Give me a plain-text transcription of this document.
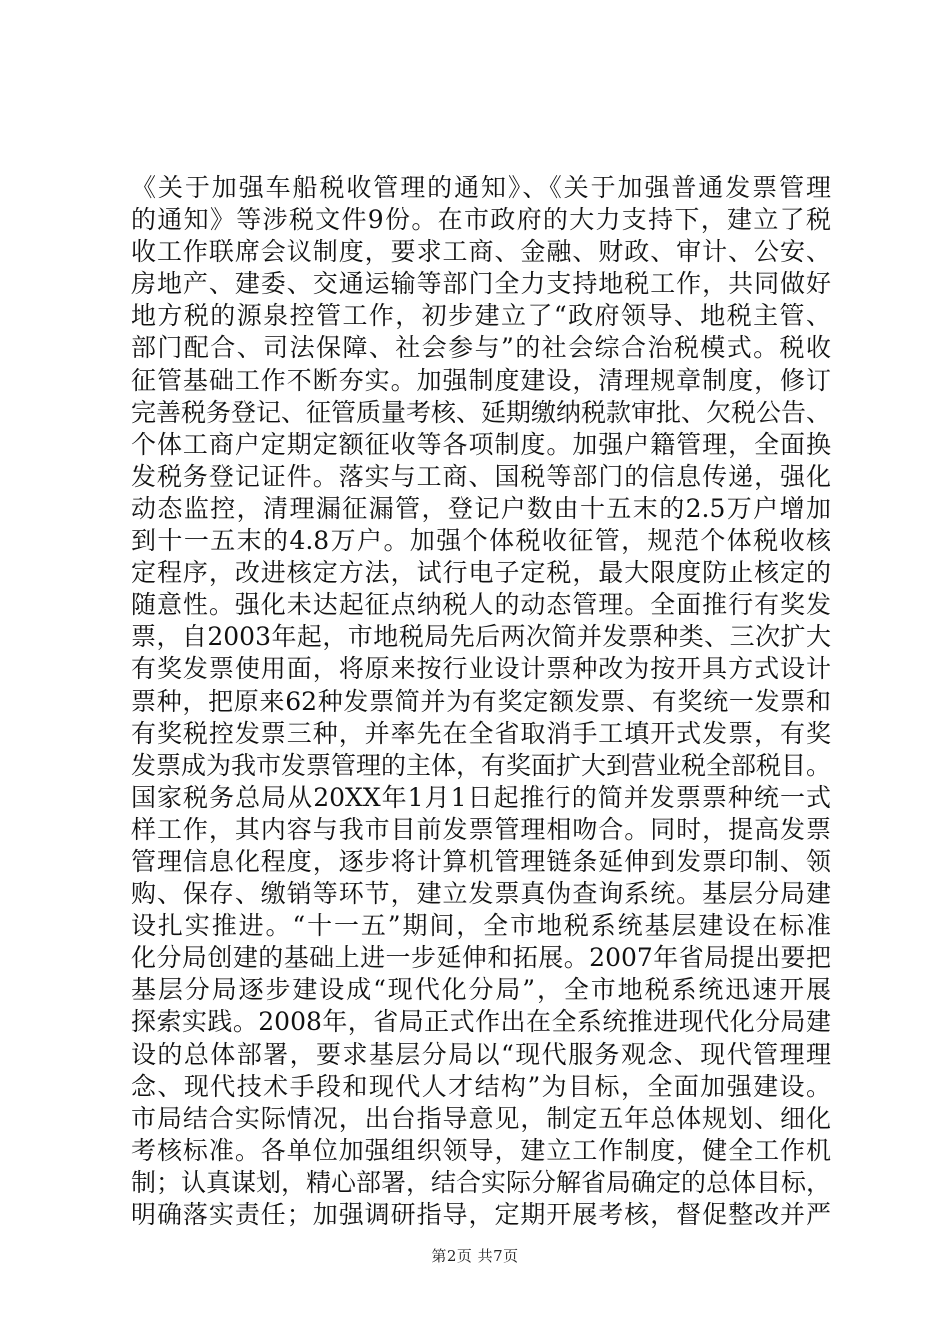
《关于加强车船税收管理的通知》、《关于加强普通发票管理
的通知》等涉税文件9份。在市政府的大力支持下，建立了税
收工作联席会议制度，要求工商、金融、财政、审计、公安、
房地产、建委、交通运输等部门全力支持地税工作，共同做好
地方税的源泉控管工作，初步建立了“政府领导、地税主管、
部门配合、司法保障、社会参与”的社会综合治税模式。税收
征管基础工作不断夯实。加强制度建设，清理规章制度，修订
完善税务登记、征管质量考核、延期缴纳税款审批、欠税公告、
个体工商户定期定额征收等各项制度。加强户籍管理，全面换
发税务登记证件。落实与工商、国税等部门的信息传递，强化
动态监控，清理漏征漏管，登记户数由十五末的2.5万户增加
到十一五末的4.8万户。加强个体税收征管，规范个体税收核
定程序，改进核定方法，试行电子定税，最大限度防止核定的
随意性。强化未达起征点纳税人的动态管理。全面推行有奖发
票，自2003年起，市地税局先后两次简并发票种类、三次扩大
有奖发票使用面，将原来按行业设计票种改为按开具方式设计
票种，把原来62种发票简并为有奖定额发票、有奖统一发票和
有奖税控发票三种，并率先在全省取消手工填开式发票，有奖
发票成为我市发票管理的主体，有奖面扩大到营业税全部税目。
国家税务总局从20XX年1月1日起推行的简并发票票种统一式
样工作，其内容与我市目前发票管理相吻合。同时，提高发票
管理信息化程度，逐步将计算机管理链条延伸到发票印制、领
购、保存、缴销等环节，建立发票真伪查询系统。基层分局建
设扎实推进。“十一五”期间，全市地税系统基层建设在标准
化分局创建的基础上进一步延伸和拓展。2007年省局提出要把
基层分局逐步建设成“现代化分局”，全市地税系统迅速开展
探索实践。2008年，省局正式作出在全系统推进现代化分局建
设的总体部署，要求基层分局以“现代服务观念、现代管理理
念、现代技术手段和现代人才结构”为目标，全面加强建设。
市局结合实际情况，出台指导意见，制定五年总体规划、细化
考核标准。各单位加强组织领导，建立工作制度，健全工作机
制；认真谋划，精心部署，结合实际分解省局确定的总体目标，
明确落实责任；加强调研指导，定期开展考核，督促整改并严
第2页 共7页
